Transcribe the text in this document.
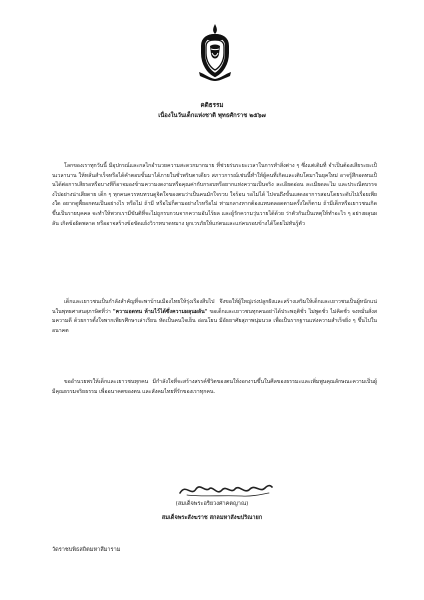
คติธรรม
เนื่องในวันเด็กแห่งชาติ พุทธศักราช ๒๕๖๗
โลกของเราทุกวันนี้ มีอุปกรณ์และกลไกอำนวยความสะดวกมากมาย ที่ช่วยร่นระยะเวลาในการทำสิ่งต่าง ๆ ซึ่งแต่เดิมที่ จำเป็นต้องเสียระยะเป็นเวลานาน ให้หลั่นสำเร็จหรือได้คำตอบขั้นมาได้ภายในชั่วพริบตาเดียว สภาวการณ์เช่นนี้ทำให้ผู้คนที่เกิดและเติบโตมาในยุคใหม่ อาจรู้สึกอดทนเป็นได้ต่อการเสียรอหรือบางทีก็อาจมองข้ามความงดงามหรือคุณค่ากับกรอบหรือยากแห่งความเป็นจริง ละเอียดอ่อน ละเมียดละไม และประณีตบรรจงไปอย่างน่าเสียดาย เด็ก ๆ ทุกคนควรหบทวนดูจิตใจของตนว่าเป็นคนมักใจรวบ ใจร้อน รอไม่ได้ ไปจนถึงขั้นแสดงอาการสอนโดยระดับไปเรื่อยเพียงใด อยากดูพื้ยอกตนเป็นอย่างไร หรือไม่ ถ้ามี หรือไม่ก็ตามอย่างไรหรือไม่ ท่ามกลางหากต้องแทบตลอดตามครั้งใดก็ตาม ถ้ามีเด็กหรือเยาวชนเกิดขึ้นเป็นรายบุคคล จะทำให้พวกเรามีขันติที่จะไม่ถูกรบกวนจากความอันไร้ผล และผู้รักความวุ่นวายได้ด้วย ว่าตัวกันเป็นเหตุให้ทำอะไร ๆ อย่างผลุนผลัน เกิดข้อผิดพลาด หรืออาจสร้างข้อขัดแย้งวิวาทบาดหมาง ผูกเวรภัยให้แก่ตนและแก่คนรอบข้างได้โดยไม่ทันรู้ตัว
เด็กและเยาวชนเป็นกำลังสำคัญที่จะพาบ้านเมืองไทยให้รุ่งเรืองสืบไป จึงขอให้ผู้ใหญ่เร่งปลูกฝังและสร้างเสริมให้เด็กและเยาวชนเป็นผู้หนักแน่นในพุทธศาสนสุภาษิตที่ว่า "ความอดทน ห้ามไว้ได้ซึ่งความผลุนผลัน" ขอเด็กและเยาวชนทุกคนอย่าได้ประพฤติชั่ว ไม่พูดชั่ว ไม่คิดชั่ว จงหมั่นสั่งสมความดี ด้วยการตั้งใจพากเพียรศึกษาเล่าเรียน หัดเป็นคนใจเย็น อ่อนโยน มีอัธยาศัยสุภาพนุ่มนวล เพื่อเป็นรากฐานแห่งความสำเร็จยิ่ง ๆ ขึ้นไปในอนาคต
ขออำนวยพรให้เด็กและเยาวชนทุกคน มีกำลังใจที่จะสร้างสรรค์ชีวิตของตนให้งอกงามขึ้นในศีลของธรรมะและเพิ่มพูนคุณลักษณะความเป็นผู้มีคุณธรรมจริยธรรม เพื่ออนาคตของตน และสังคมไทยที่รักของเราทุกคน.
(สมเด็จพระอริยวงศาคตญาณ)
สมเด็จพระสังฆราช สกลมหาสังฆปริณายก
วัดราชบพิธสถิตมหาสีมาราม
